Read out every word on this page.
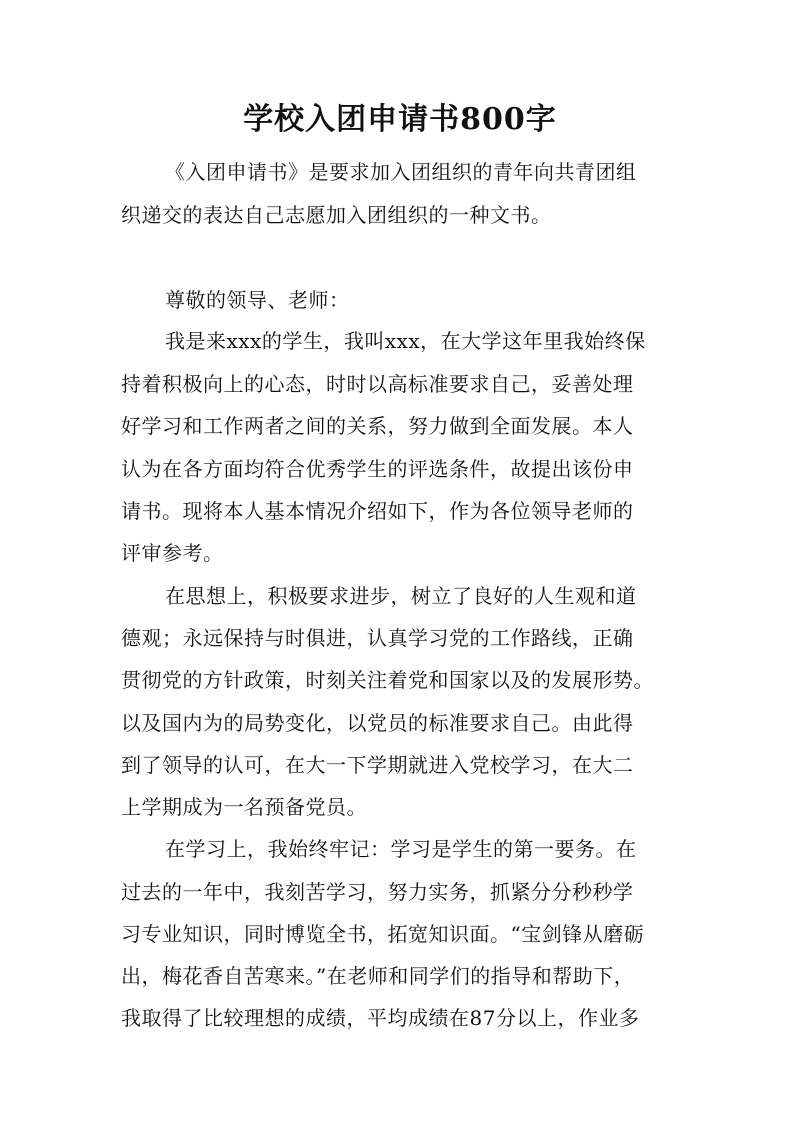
学校入团申请书800字
《入团申请书》是要求加入团组织的青年向共青团组
织递交的表达自己志愿加入团组织的一种文书。
尊敬的领导、老师：
我是来xxx的学生，我叫xxx，在大学这年里我始终保
持着积极向上的心态，时时以高标准要求自己，妥善处理
好学习和工作两者之间的关系，努力做到全面发展。本人
认为在各方面均符合优秀学生的评选条件，故提出该份申
请书。现将本人基本情况介绍如下，作为各位领导老师的
评审参考。
在思想上，积极要求进步，树立了良好的人生观和道
德观；永远保持与时俱进，认真学习党的工作路线，正确
贯彻党的方针政策，时刻关注着党和国家以及的发展形势。
以及国内为的局势变化，以党员的标准要求自己。由此得
到了领导的认可，在大一下学期就进入党校学习，在大二
上学期成为一名预备党员。
在学习上，我始终牢记：学习是学生的第一要务。在
过去的一年中，我刻苦学习，努力实务，抓紧分分秒秒学
习专业知识，同时博览全书，拓宽知识面。“宝剑锋从磨砺
出，梅花香自苦寒来。”在老师和同学们的指导和帮助下，
我取得了比较理想的成绩，平均成绩在87分以上，作业多
